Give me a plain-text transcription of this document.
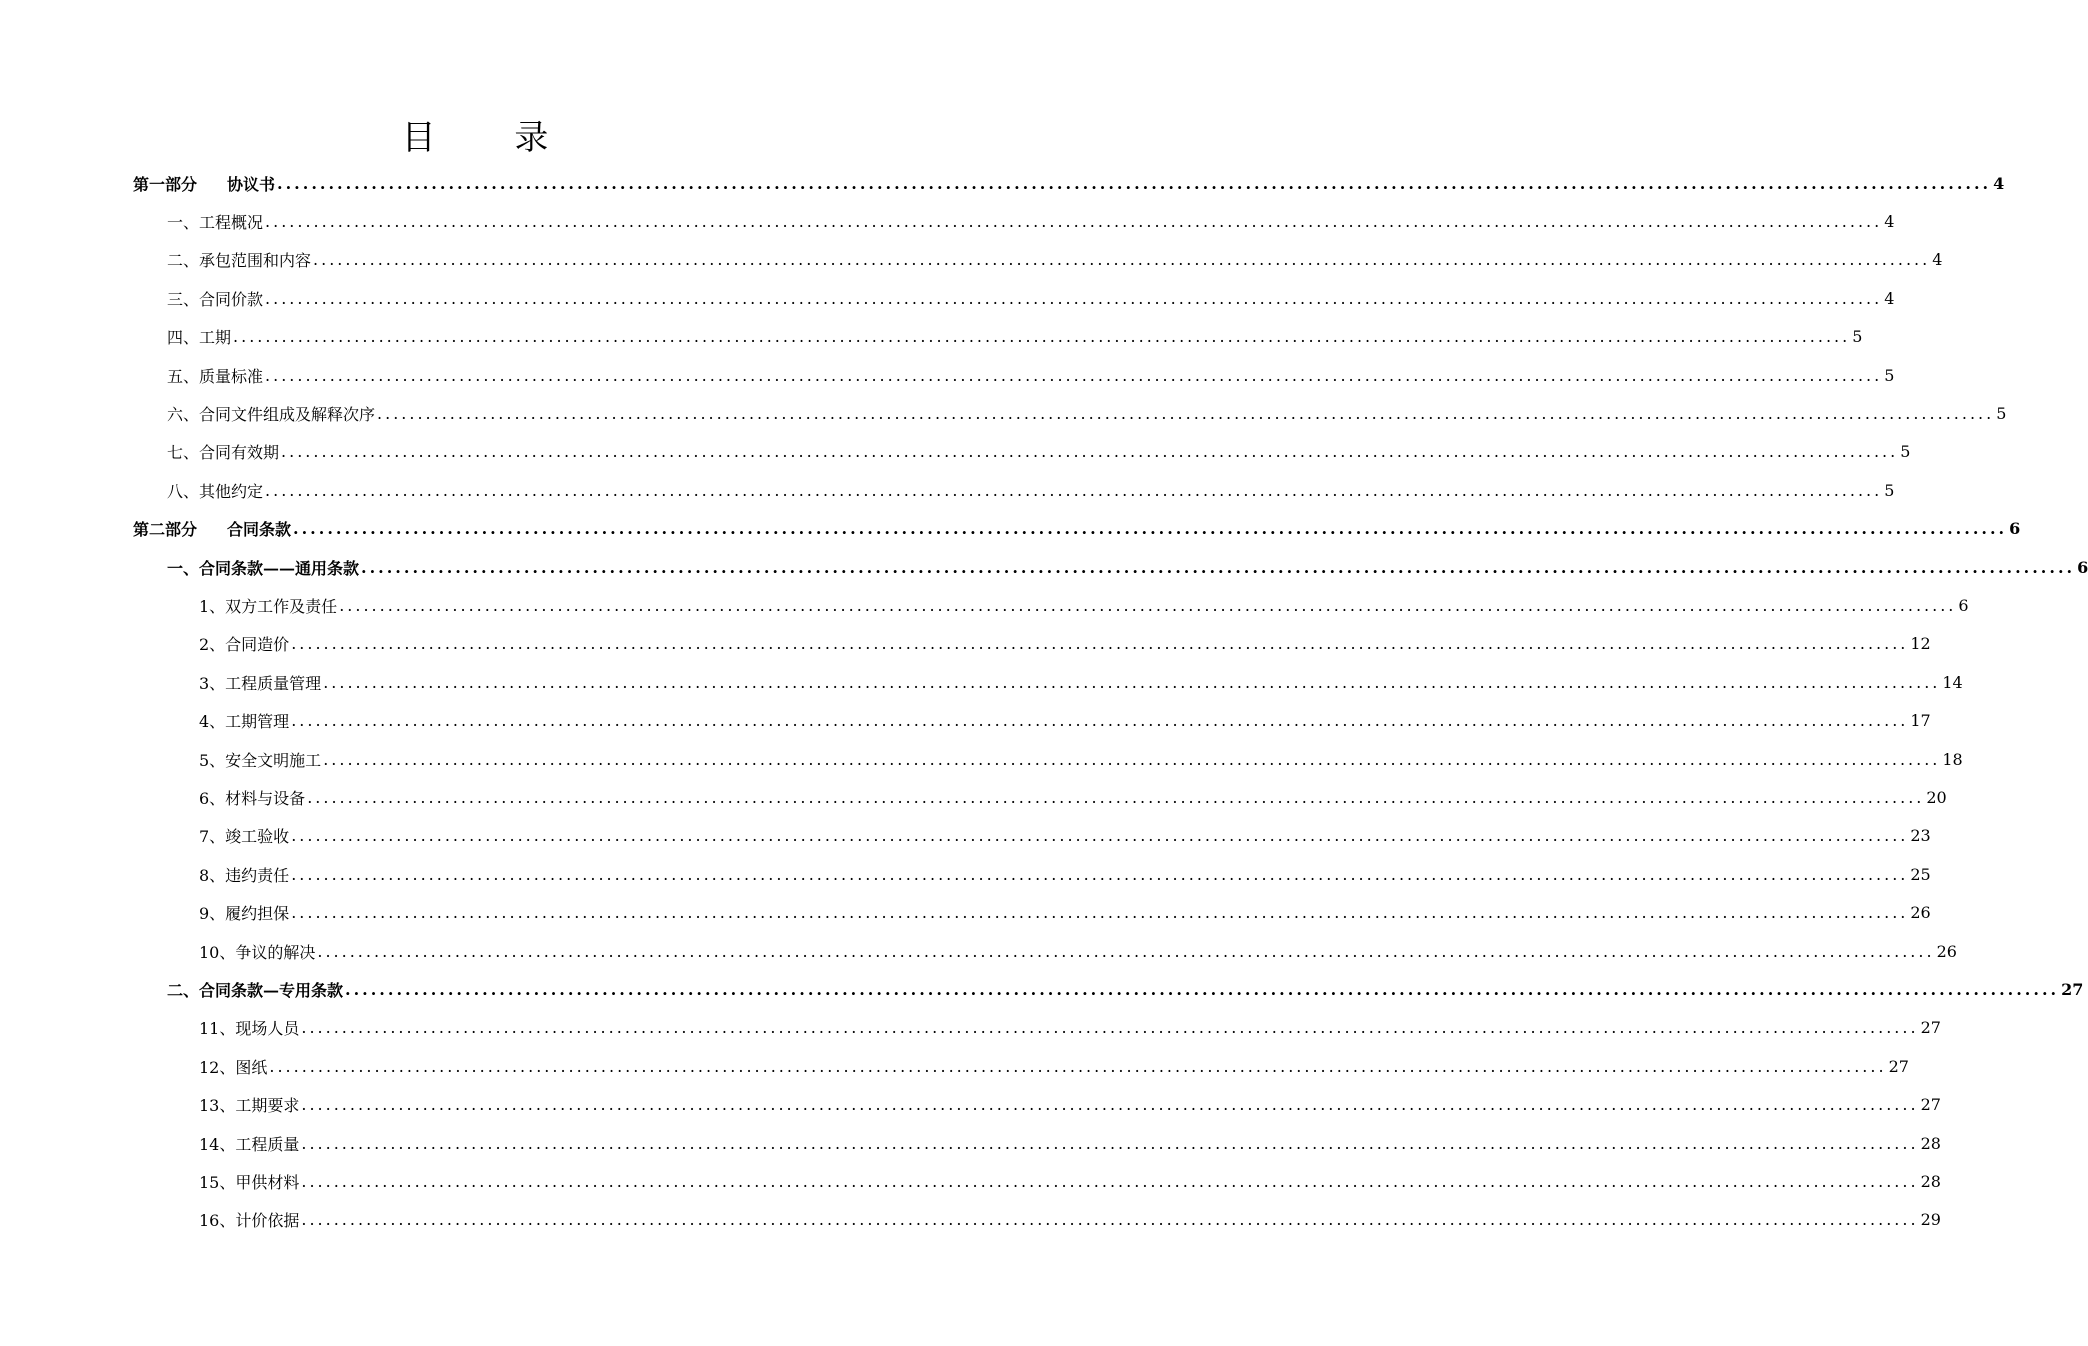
目 录
第一部分 协议书 ........................................................................................................................................................................................................ 4
一、工程概况 ........................................................................................................................................................................................................ 4
二、承包范围和内容 ........................................................................................................................................................................................................ 4
三、合同价款 ........................................................................................................................................................................................................ 4
四、工期 ........................................................................................................................................................................................................ 5
五、质量标准 ........................................................................................................................................................................................................ 5
六、合同文件组成及解释次序 ........................................................................................................................................................................................................ 5
七、合同有效期 ........................................................................................................................................................................................................ 5
八、其他约定 ........................................................................................................................................................................................................ 5
第二部分 合同条款 ........................................................................................................................................................................................................ 6
一、合同条款——通用条款 ........................................................................................................................................................................................................ 6
1、双方工作及责任 ........................................................................................................................................................................................................ 6
2、合同造价 ........................................................................................................................................................................................................ 12
3、工程质量管理 ........................................................................................................................................................................................................ 14
4、工期管理 ........................................................................................................................................................................................................ 17
5、安全文明施工 ........................................................................................................................................................................................................ 18
6、材料与设备 ........................................................................................................................................................................................................ 20
7、竣工验收 ........................................................................................................................................................................................................ 23
8、违约责任 ........................................................................................................................................................................................................ 25
9、履约担保 ........................................................................................................................................................................................................ 26
10、争议的解决 ........................................................................................................................................................................................................ 26
二、合同条款—专用条款 ........................................................................................................................................................................................................ 27
11、现场人员 ........................................................................................................................................................................................................ 27
12、图纸 ........................................................................................................................................................................................................ 27
13、工期要求 ........................................................................................................................................................................................................ 27
14、工程质量 ........................................................................................................................................................................................................ 28
15、甲供材料 ........................................................................................................................................................................................................ 28
16、计价依据 ........................................................................................................................................................................................................ 29
